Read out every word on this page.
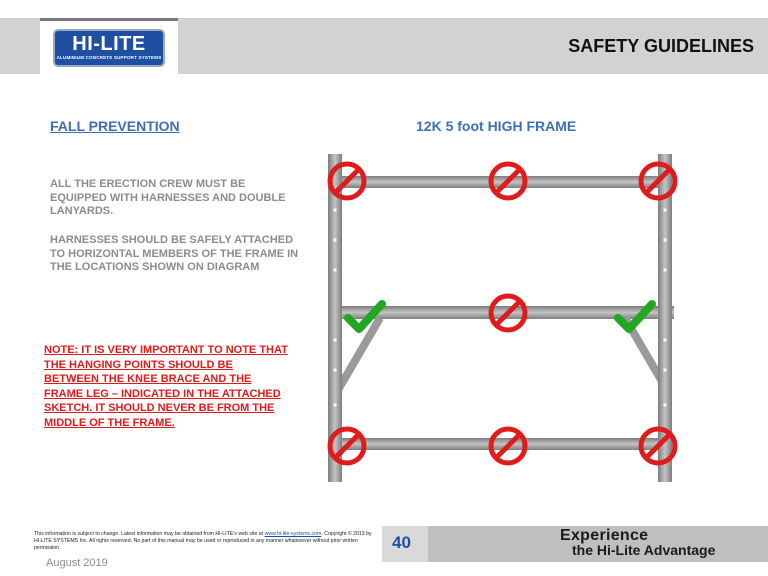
HI-LITE
ALUMINIUM CONCRETE SUPPORT SYSTEMS
SAFETY GUIDELINES
FALL PREVENTION	12K 5 foot HIGH FRAME

ALL THE ERECTION CREW MUST BE EQUIPPED WITH HARNESSES AND DOUBLE LANYARDS.

HARNESSES SHOULD BE SAFELY ATTACHED TO HORIZONTAL MEMBERS OF THE FRAME IN THE LOCATIONS SHOWN ON DIAGRAM

NOTE: IT IS VERY IMPORTANT TO NOTE THAT THE HANGING POINTS SHOULD BE BETWEEN THE KNEE BRACE AND THE FRAME LEG – INDICATED IN THE ATTACHED SKETCH. IT SHOULD NEVER BE FROM THE MIDDLE OF THE FRAME.

This information is subject to change. Latest information may be obtained from HI-LITE’s web site at www.hi-lite-systems.com. Copyright © 2013 by HI-LITE SYSTEMS Inc. All rights reserved. No part of this manual may be used or reproduced in any manner whatsoever without prior written permission.	40	Experience
the Hi-Lite Advantage
August 2019
